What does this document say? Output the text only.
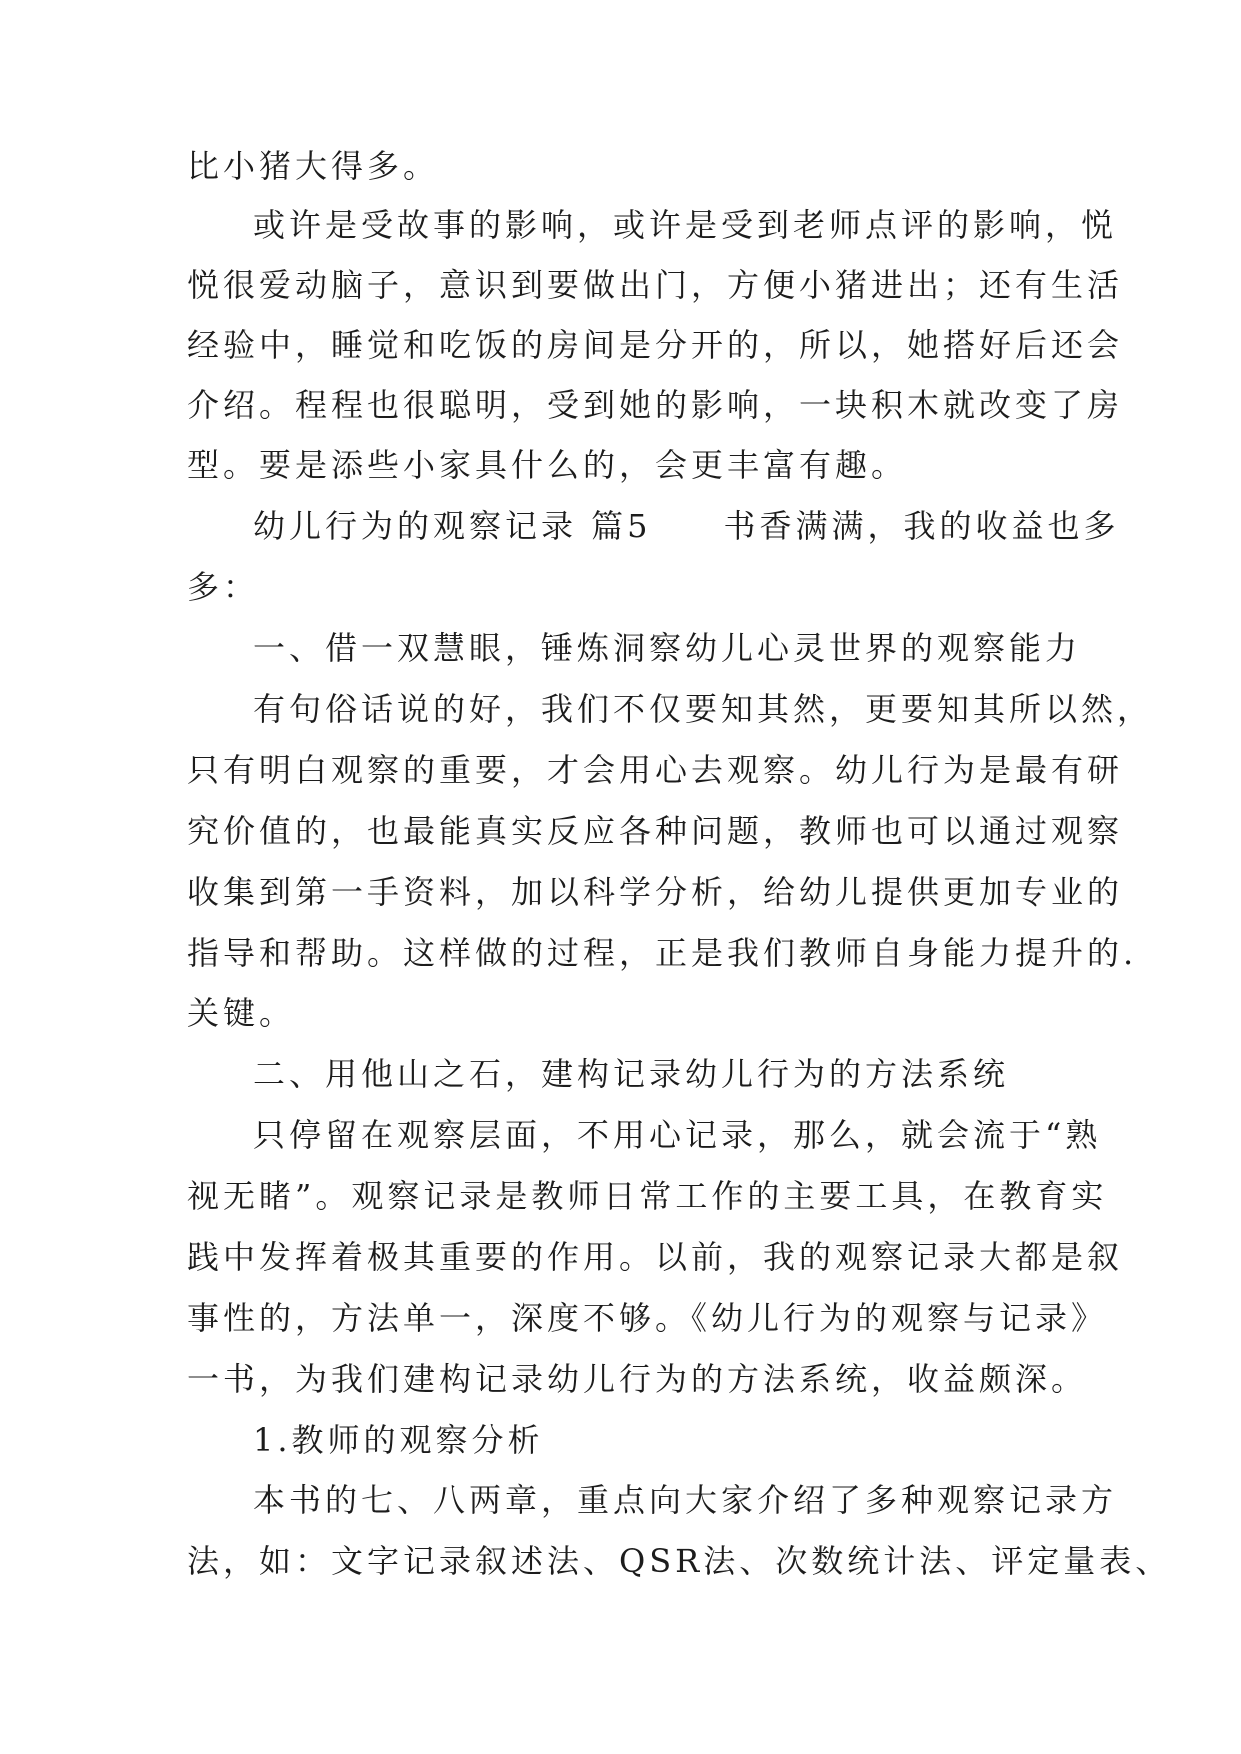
比小猪大得多。
或许是受故事的影响，或许是受到老师点评的影响，悦
悦很爱动脑子，意识到要做出门，方便小猪进出；还有生活
经验中，睡觉和吃饭的房间是分开的，所以，她搭好后还会
介绍。程程也很聪明，受到她的影响，一块积木就改变了房
型。要是添些小家具什么的，会更丰富有趣。
幼儿行为的观察记录 篇5　　书香满满，我的收益也多
多：
一、借一双慧眼，锤炼洞察幼儿心灵世界的观察能力
有句俗话说的好，我们不仅要知其然，更要知其所以然，
只有明白观察的重要，才会用心去观察。幼儿行为是最有研
究价值的，也最能真实反应各种问题，教师也可以通过观察
收集到第一手资料，加以科学分析，给幼儿提供更加专业的
指导和帮助。这样做的过程，正是我们教师自身能力提升的.
关键。
二、用他山之石，建构记录幼儿行为的方法系统
只停留在观察层面，不用心记录，那么，就会流于“熟
视无睹”。观察记录是教师日常工作的主要工具，在教育实
践中发挥着极其重要的作用。以前，我的观察记录大都是叙
事性的，方法单一，深度不够。《幼儿行为的观察与记录》
一书，为我们建构记录幼儿行为的方法系统，收益颇深。
1.教师的观察分析
本书的七、八两章，重点向大家介绍了多种观察记录方
法，如：文字记录叙述法、QSR法、次数统计法、评定量表、
